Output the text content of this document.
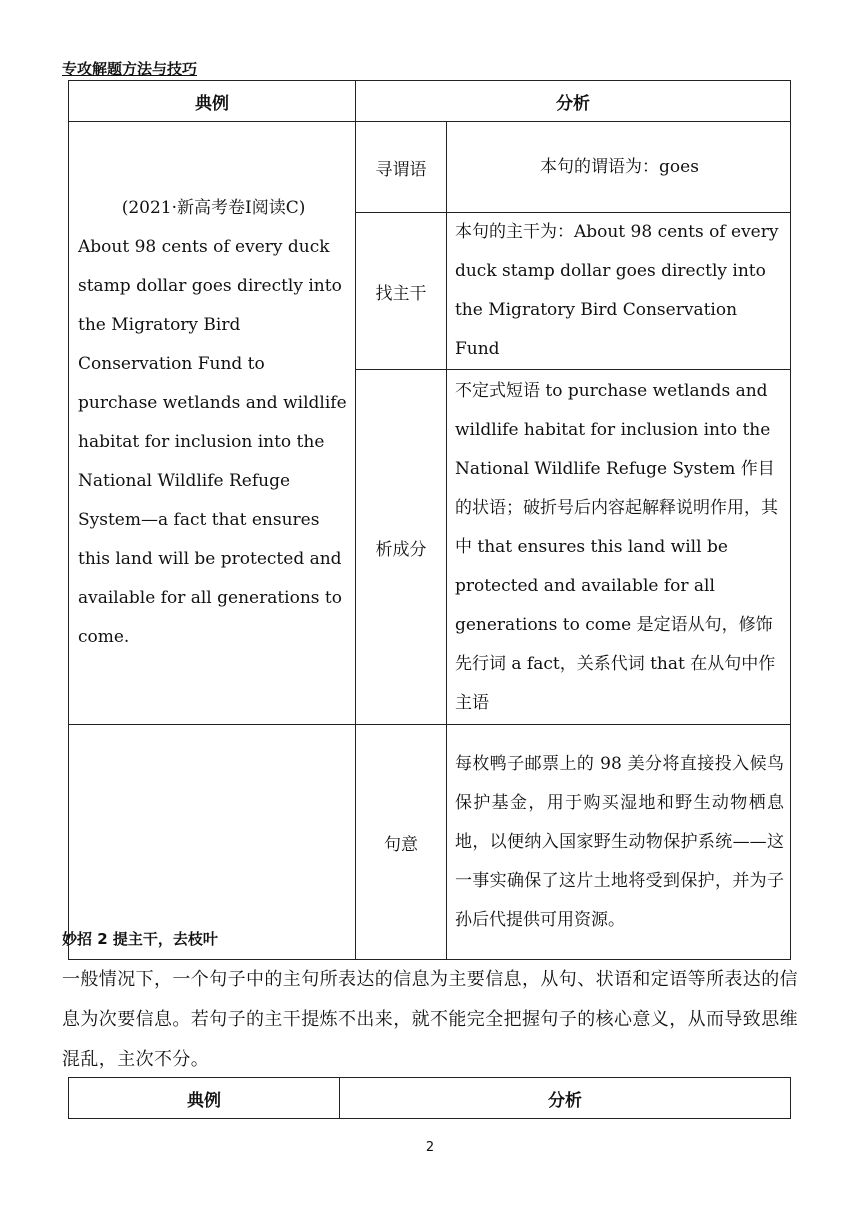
专攻解题方法与技巧
典例	分析	

(2021·新高考卷Ⅰ阅读C)
About 98 cents of every duck stamp dollar goes directly into the Migratory Bird Conservation Fund to purchase wetlands and wildlife habitat for inclusion into the National Wildlife Refuge System—a fact that ensures this land will be protected and available for all generations to come.	寻谓语	本句的谓语为：goes
	找主干	本句的主干为：About 98 cents of every duck stamp dollar goes directly into the Migratory Bird Conservation Fund
	析成分	不定式短语 to purchase wetlands and wildlife habitat for inclusion into the National Wildlife Refuge System 作目的状语；破折号后内容起解释说明作用，其中 that ensures this land will be protected and available for all generations to come 是定语从句，修饰先行词 a fact，关系代词 that 在从句中作主语
	句意	每枚鸭子邮票上的 98 美分将直接投入候鸟保护基金，用于购买湿地和野生动物栖息地，以便纳入国家野生动物保护系统——这一事实确保了这片土地将受到保护，并为子孙后代提供可用资源。
妙招 2 提主干，去枝叶
一般情况下，一个句子中的主句所表达的信息为主要信息，从句、状语和定语等所表达的信息为次要信息。若句子的主干提炼不出来，就不能完全把握句子的核心意义，从而导致思维混乱，主次不分。
典例	分析
2
